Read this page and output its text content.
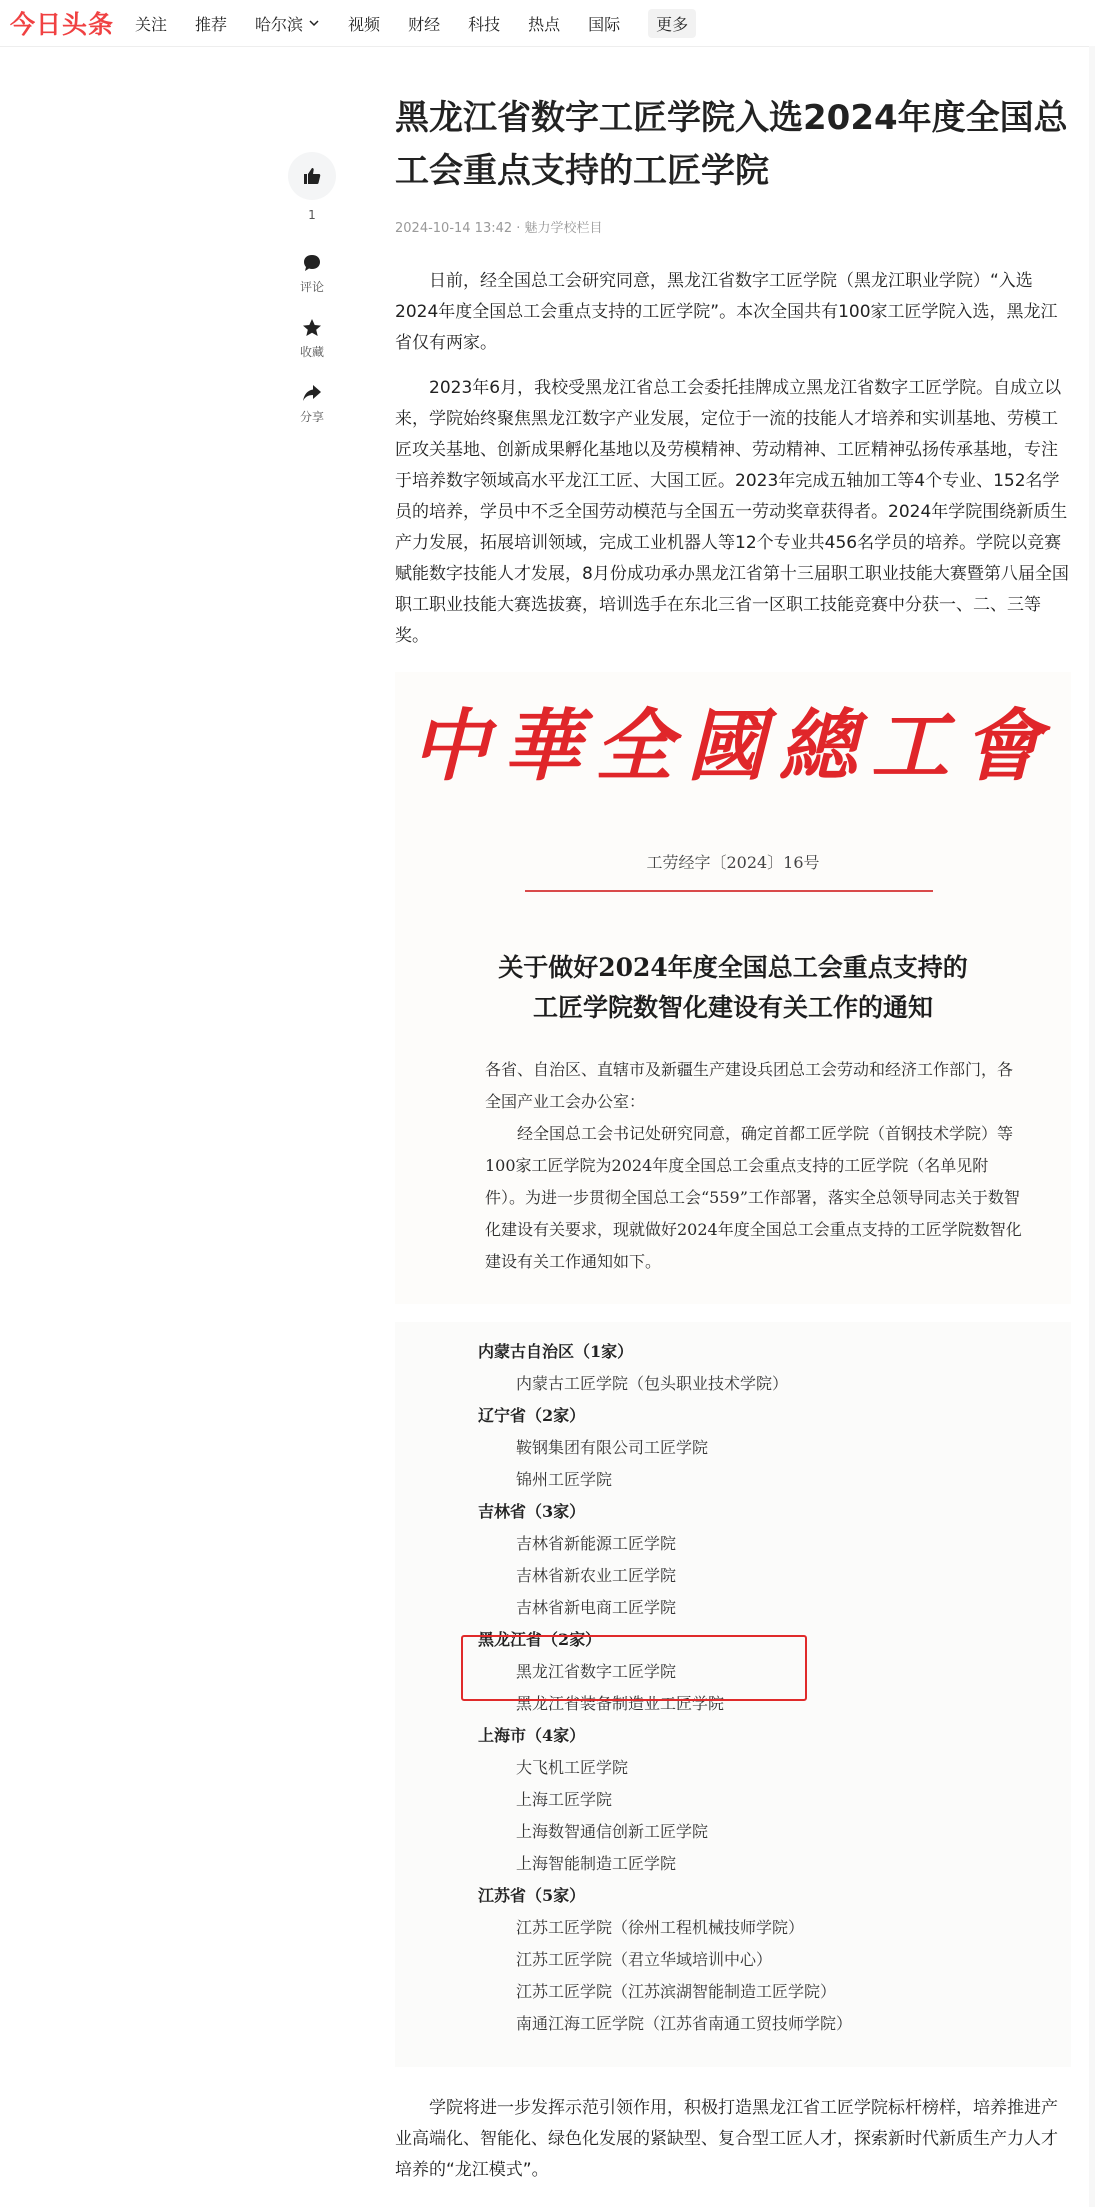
今日头条 关注 推荐 哈尔滨	视频 财经 科技 热点 国际 更多
1
评论
收藏
分享
黑龙江省数字工匠学院入选2024年度全国总工会重点支持的工匠学院
2024-10-14 13:42 · 魅力学校栏目

日前，经全国总工会研究同意，黑龙江省数字工匠学院（黑龙江职业学院）“入选2024年度全国总工会重点支持的工匠学院”。本次全国共有100家工匠学院入选，黑龙江省仅有两家。

2023年6月，我校受黑龙江省总工会委托挂牌成立黑龙江省数字工匠学院。自成立以来，学院始终聚焦黑龙江数字产业发展，定位于一流的技能人才培养和实训基地、劳模工匠攻关基地、创新成果孵化基地以及劳模精神、劳动精神、工匠精神弘扬传承基地，专注于培养数字领域高水平龙江工匠、大国工匠。2023年完成五轴加工等4个专业、152名学员的培养，学员中不乏全国劳动模范与全国五一劳动奖章获得者。2024年学院围绕新质生产力发展，拓展培训领域，完成工业机器人等12个专业共456名学员的培养。学院以竞赛赋能数字技能人才发展，8月份成功承办黑龙江省第十三届职工职业技能大赛暨第八届全国职工职业技能大赛选拔赛，培训选手在东北三省一区职工技能竞赛中分获一、二、三等奖。

中華全國總工會
工劳经字〔2024〕16号
关于做好2024年度全国总工会重点支持的
工匠学院数智化建设有关工作的通知

各省、自治区、直辖市及新疆生产建设兵团总工会劳动和经济工作部门，各全国产业工会办公室：

经全国总工会书记处研究同意，确定首都工匠学院（首钢技术学院）等100家工匠学院为2024年度全国总工会重点支持的工匠学院（名单见附件）。为进一步贯彻全国总工会“559”工作部署，落实全总领导同志关于数智化建设有关要求，现就做好2024年度全国总工会重点支持的工匠学院数智化建设有关工作通知如下。

内蒙古自治区（1家）
内蒙古工匠学院（包头职业技术学院）
辽宁省（2家）
鞍钢集团有限公司工匠学院
锦州工匠学院
吉林省（3家）
吉林省新能源工匠学院
吉林省新农业工匠学院
吉林省新电商工匠学院
黑龙江省（2家）
黑龙江省数字工匠学院
黑龙江省装备制造业工匠学院
上海市（4家）
大飞机工匠学院
上海工匠学院
上海数智通信创新工匠学院
上海智能制造工匠学院
江苏省（5家）
江苏工匠学院（徐州工程机械技师学院）
江苏工匠学院（君立华域培训中心）
江苏工匠学院（江苏滨湖智能制造工匠学院）
南通江海工匠学院（江苏省南通工贸技师学院）

学院将进一步发挥示范引领作用，积极打造黑龙江省工匠学院标杆榜样，培养推进产业高端化、智能化、绿色化发展的紧缺型、复合型工匠人才，探索新时代新质生产力人才培养的“龙江模式”。
